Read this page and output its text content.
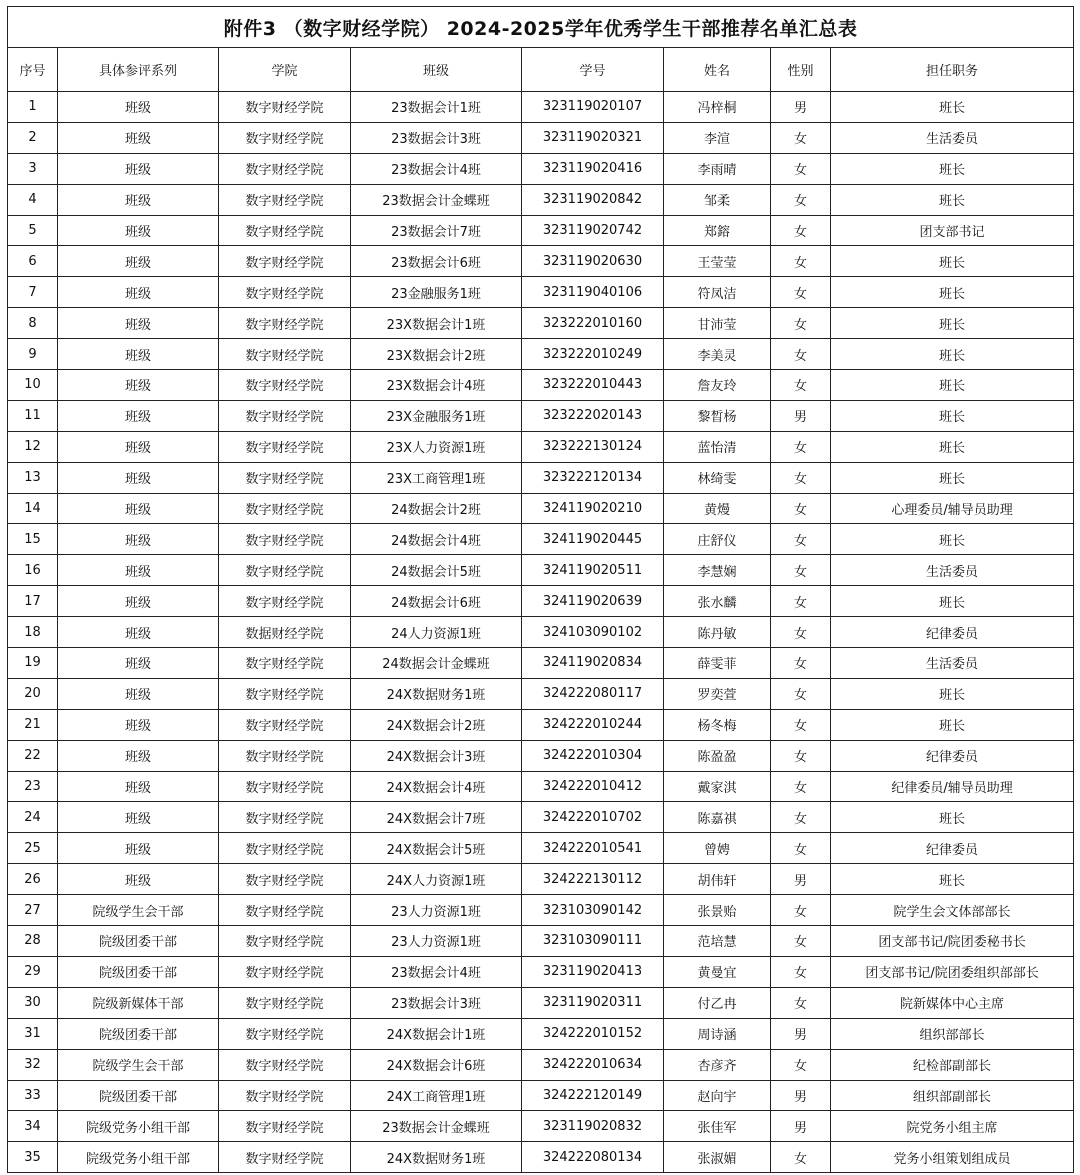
附件3 （数字财经学院） 2024-2025学年优秀学生干部推荐名单汇总表							
序号	具体参评系列	学院	班级	学号	姓名	性别	担任职务
1	班级	数字财经学院	23数据会计1班	323119020107	冯梓桐	男	班长
2	班级	数字财经学院	23数据会计3班	323119020321	李渲	女	生活委员
3	班级	数字财经学院	23数据会计4班	323119020416	李雨晴	女	班长
4	班级	数字财经学院	23数据会计金蝶班	323119020842	邹柔	女	班长
5	班级	数字财经学院	23数据会计7班	323119020742	郑鎔	女	团支部书记
6	班级	数字财经学院	23数据会计6班	323119020630	王莹莹	女	班长
7	班级	数字财经学院	23金融服务1班	323119040106	符凤洁	女	班长
8	班级	数字财经学院	23X数据会计1班	323222010160	甘沛莹	女	班长
9	班级	数字财经学院	23X数据会计2班	323222010249	李美灵	女	班长
10	班级	数字财经学院	23X数据会计4班	323222010443	詹友玲	女	班长
11	班级	数字财经学院	23X金融服务1班	323222020143	黎晳杨	男	班长
12	班级	数字财经学院	23X人力资源1班	323222130124	蓝怡清	女	班长
13	班级	数字财经学院	23X工商管理1班	323222120134	林绮雯	女	班长
14	班级	数字财经学院	24数据会计2班	324119020210	黄熳	女	心理委员/辅导员助理
15	班级	数字财经学院	24数据会计4班	324119020445	庄舒仪	女	班长
16	班级	数字财经学院	24数据会计5班	324119020511	李慧娴	女	生活委员
17	班级	数字财经学院	24数据会计6班	324119020639	张水麟	女	班长
18	班级	数据财经学院	24人力资源1班	324103090102	陈丹敏	女	纪律委员
19	班级	数字财经学院	24数据会计金蝶班	324119020834	薛雯菲	女	生活委员
20	班级	数字财经学院	24X数据财务1班	324222080117	罗奕萱	女	班长
21	班级	数字财经学院	24X数据会计2班	324222010244	杨冬梅	女	班长
22	班级	数字财经学院	24X数据会计3班	324222010304	陈盈盈	女	纪律委员
23	班级	数字财经学院	24X数据会计4班	324222010412	戴家淇	女	纪律委员/辅导员助理
24	班级	数字财经学院	24X数据会计7班	324222010702	陈嘉祺	女	班长
25	班级	数字财经学院	24X数据会计5班	324222010541	曾娉	女	纪律委员
26	班级	数字财经学院	24X人力资源1班	324222130112	胡伟轩	男	班长
27	院级学生会干部	数字财经学院	23人力资源1班	323103090142	张景贻	女	院学生会文体部部长
28	院级团委干部	数字财经学院	23人力资源1班	323103090111	范培慧	女	团支部书记/院团委秘书长
29	院级团委干部	数字财经学院	23数据会计4班	323119020413	黄曼宜	女	团支部书记/院团委组织部部长
30	院级新媒体干部	数字财经学院	23数据会计3班	323119020311	付乙冉	女	院新媒体中心主席
31	院级团委干部	数字财经学院	24X数据会计1班	324222010152	周诗涵	男	组织部部长
32	院级学生会干部	数字财经学院	24X数据会计6班	324222010634	杏彦齐	女	纪检部副部长
33	院级团委干部	数字财经学院	24X工商管理1班	324222120149	赵向宇	男	组织部副部长
34	院级党务小组干部	数字财经学院	23数据会计金蝶班	323119020832	张佳军	男	院党务小组主席
35	院级党务小组干部	数字财经学院	24X数据财务1班	324222080134	张淑媚	女	党务小组策划组成员
